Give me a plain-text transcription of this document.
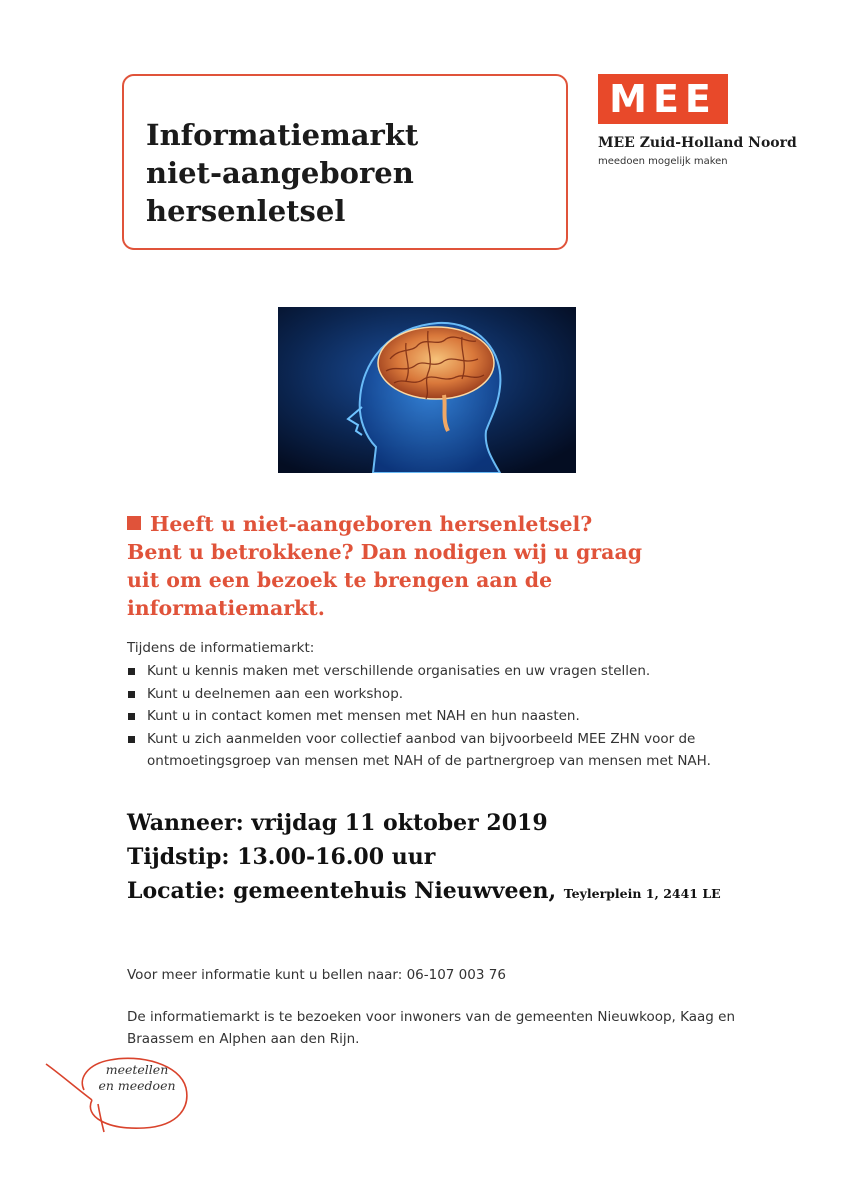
Informatiemarkt
niet-aangeboren
hersenletsel
MEE
MEE Zuid-Holland Noord
meedoen mogelijk maken
Heeft u niet-aangeboren hersenletsel?
Bent u betrokkene? Dan nodigen wij u graag
uit om een bezoek te brengen aan de
informatiemarkt.
Tijdens de informatiemarkt:
Kunt u kennis maken met verschillende organisaties en uw vragen stellen.
Kunt u deelnemen aan een workshop.
Kunt u in contact komen met mensen met NAH en hun naasten.
Kunt u zich aanmelden voor collectief aanbod van bijvoorbeeld MEE ZHN voor de ontmoetingsgroep van mensen met NAH of de partnergroep van mensen met NAH.
Wanneer: vrijdag 11 oktober 2019
Tijdstip: 13.00-16.00 uur
Locatie: gemeentehuis Nieuwveen, Teylerplein 1, 2441 LE
Voor meer informatie kunt u bellen naar: 06-107 003 76
De informatiemarkt is te bezoeken voor inwoners van de gemeenten Nieuwkoop, Kaag en Braassem en Alphen aan den Rijn.
meetellen
en meedoen
